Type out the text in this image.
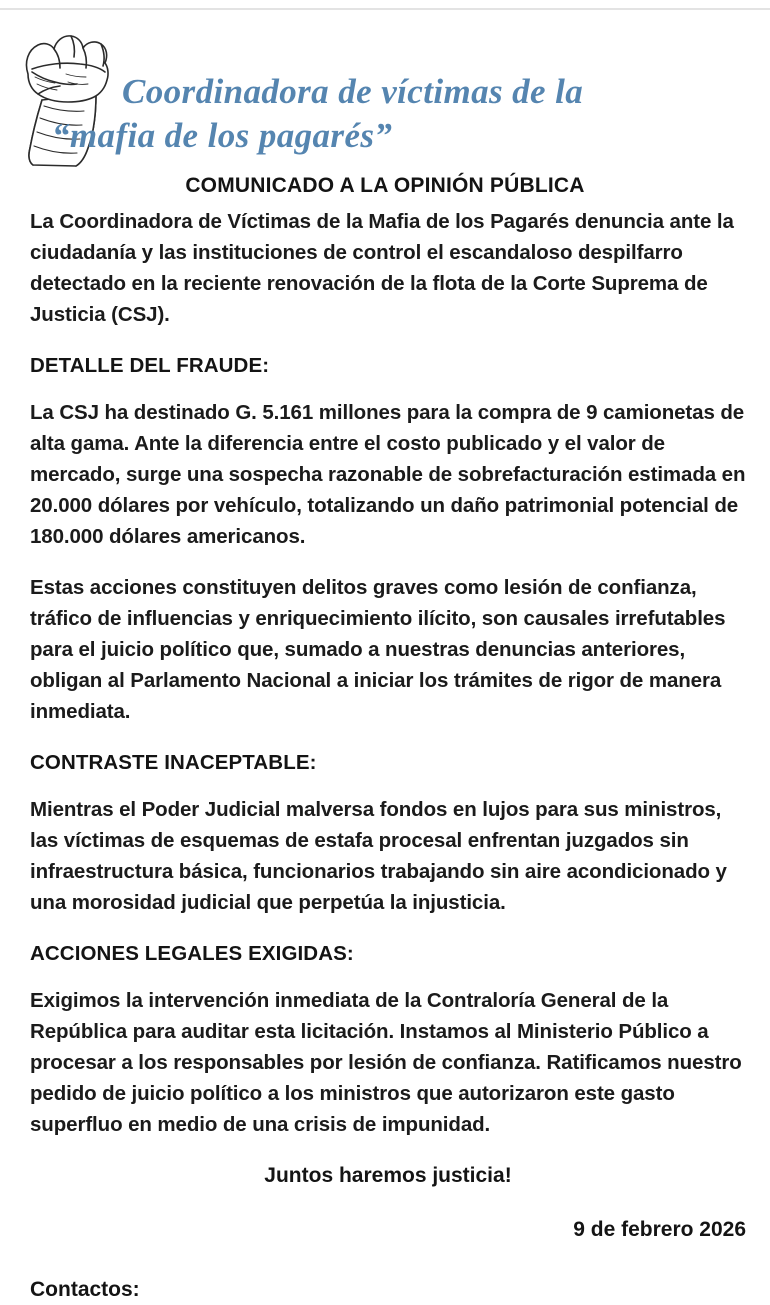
Coordinadora de víctimas de la
“mafia de los pagarés”
COMUNICADO A LA OPINIÓN PÚBLICA

La Coordinadora de Víctimas de la Mafia de los Pagarés denuncia ante la ciudadanía y las instituciones de control el escandaloso despilfarro detectado en la reciente renovación de la flota de la Corte Suprema de Justicia (CSJ).

DETALLE DEL FRAUDE:

La CSJ ha destinado G. 5.161 millones para la compra de 9 camionetas de alta gama. Ante la diferencia entre el costo publicado y el valor de mercado, surge una sospecha razonable de sobrefacturación estimada en 20.000 dólares por vehículo, totalizando un daño patrimonial potencial de 180.000 dólares americanos.

Estas acciones constituyen delitos graves como lesión de confianza, tráfico de influencias y enriquecimiento ilícito, son causales irrefutables para el juicio político que, sumado a nuestras denuncias anteriores, obligan al Parlamento Nacional a iniciar los trámites de rigor de manera inmediata.

CONTRASTE INACEPTABLE:

Mientras el Poder Judicial malversa fondos en lujos para sus ministros, las víctimas de esquemas de estafa procesal enfrentan juzgados sin infraestructura básica, funcionarios trabajando sin aire acondicionado y una morosidad judicial que perpetúa la injusticia.

ACCIONES LEGALES EXIGIDAS:

Exigimos la intervención inmediata de la Contraloría General de la República para auditar esta licitación. Instamos al Ministerio Público a procesar a los responsables por lesión de confianza. Ratificamos nuestro pedido de juicio político a los ministros que autorizaron este gasto superfluo en medio de una crisis de impunidad.

Juntos haremos justicia!

9 de febrero 2026

Contactos:
